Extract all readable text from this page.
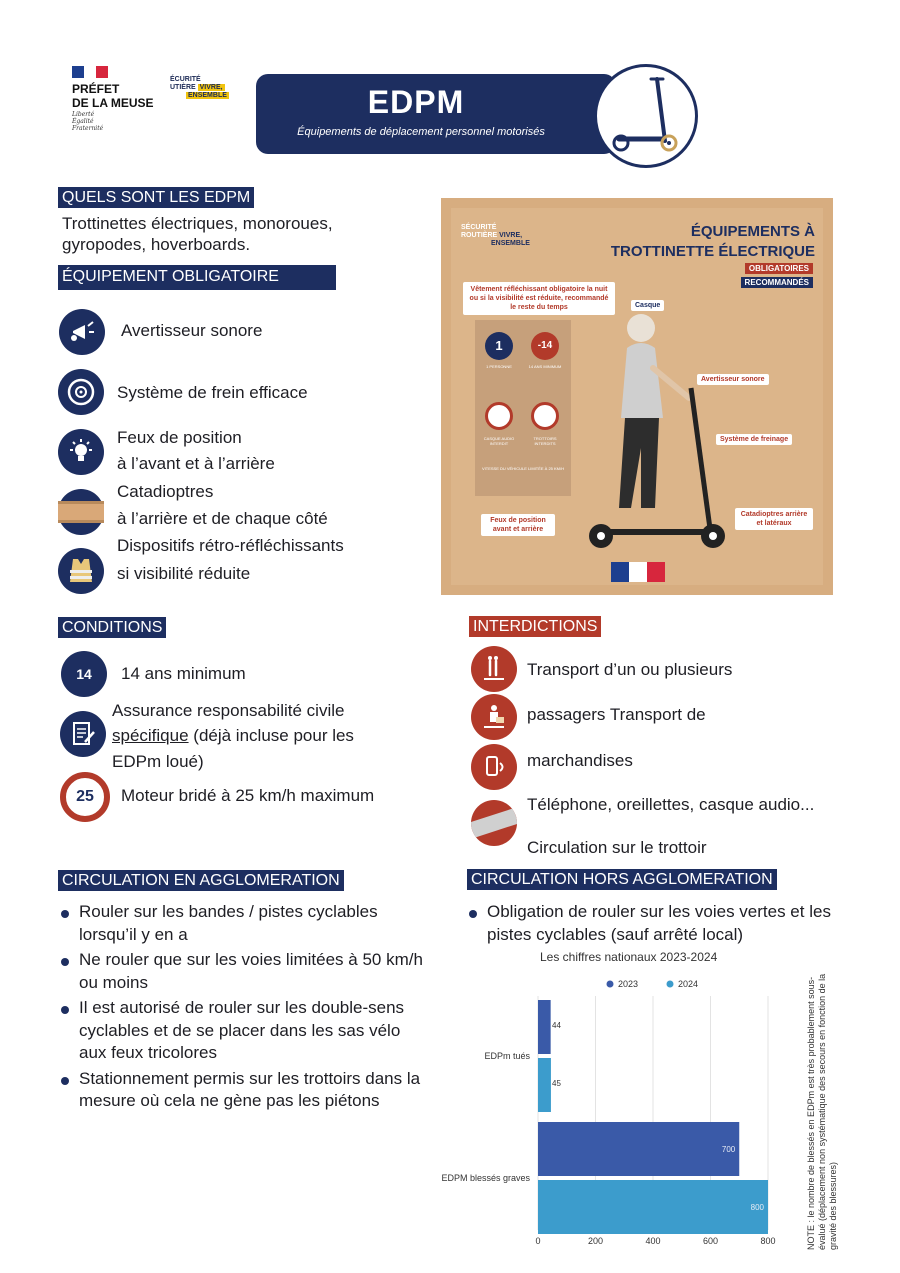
PRÉFET
DE LA MEUSE
Liberté
Égalité
Fraternité
ÉCURITÉ
UTIÈRE VIVRE,
ENSEMBLE	EDPM
Équipements de déplacement personnel motorisés
QUELS SONT LES EDPM
Trottinettes électriques, monoroues,
gyropodes, hoverboards.
ÉQUIPEMENT OBLIGATOIRE
Avertisseur sonore
Système de frein efficace
Feux de position
à l’avant et à l’arrière
Catadioptres
à l’arrière et de chaque côté
Dispositifs rétro-réfléchissants
si visibilité réduite
SÉCURITÉ
ROUTIÈRE VIVRE,
ENSEMBLE
ÉQUIPEMENTS À
TROTTINETTE ÉLECTRIQUE
OBLIGATOIRES
RECOMMANDÉS
Vêtement réfléchissant obligatoire la nuit ou si la visibilité est réduite, recommandé le reste du temps	Casque
1	-14
1 PERSONNE	14 ANS MINIMUM
CASQUE AUDIO INTERDIT
TROTTOIRS INTERDITS
VITESSE DU VÉHICULE LIMITÉE À 25 KM/H
Avertisseur sonore
Système de freinage
Feux de position avant et arrière
Catadioptres arrière et latéraux
CONDITIONS
14	14 ans minimum
Assurance responsabilité civile
spécifique (déjà incluse pour les
EDPm loué)
25	Moteur bridé à 25 km/h maximum
INTERDICTIONS
Transport d’un ou plusieurs
passagers Transport de
marchandises
Téléphone, oreillettes, casque audio...
Circulation sur le trottoir
CIRCULATION EN AGGLOMERATION
Rouler sur les bandes / pistes cyclables lorsqu’il y en a
Ne rouler que sur les voies limitées à 50 km/h ou moins
Il est autorisé de rouler sur les double-sens cyclables et de se placer dans les sas vélo aux feux tricolores
Stationnement permis sur les trottoirs dans la mesure où cela ne gène pas les piétons
CIRCULATION HORS AGGLOMERATION
Obligation de rouler sur les voies vertes et les pistes cyclables (sauf arrêté local)
Les chiffres nationaux 2023-2024
2023	2024
0	200	400	600	800
44
45
EDPm tués
700
800
EDPM blessés graves	NOTE : le nombre de blessés en EDPm est très probablement sous-évalué (déplacement non systématique des secours en fonction de la gravité des blessures)
